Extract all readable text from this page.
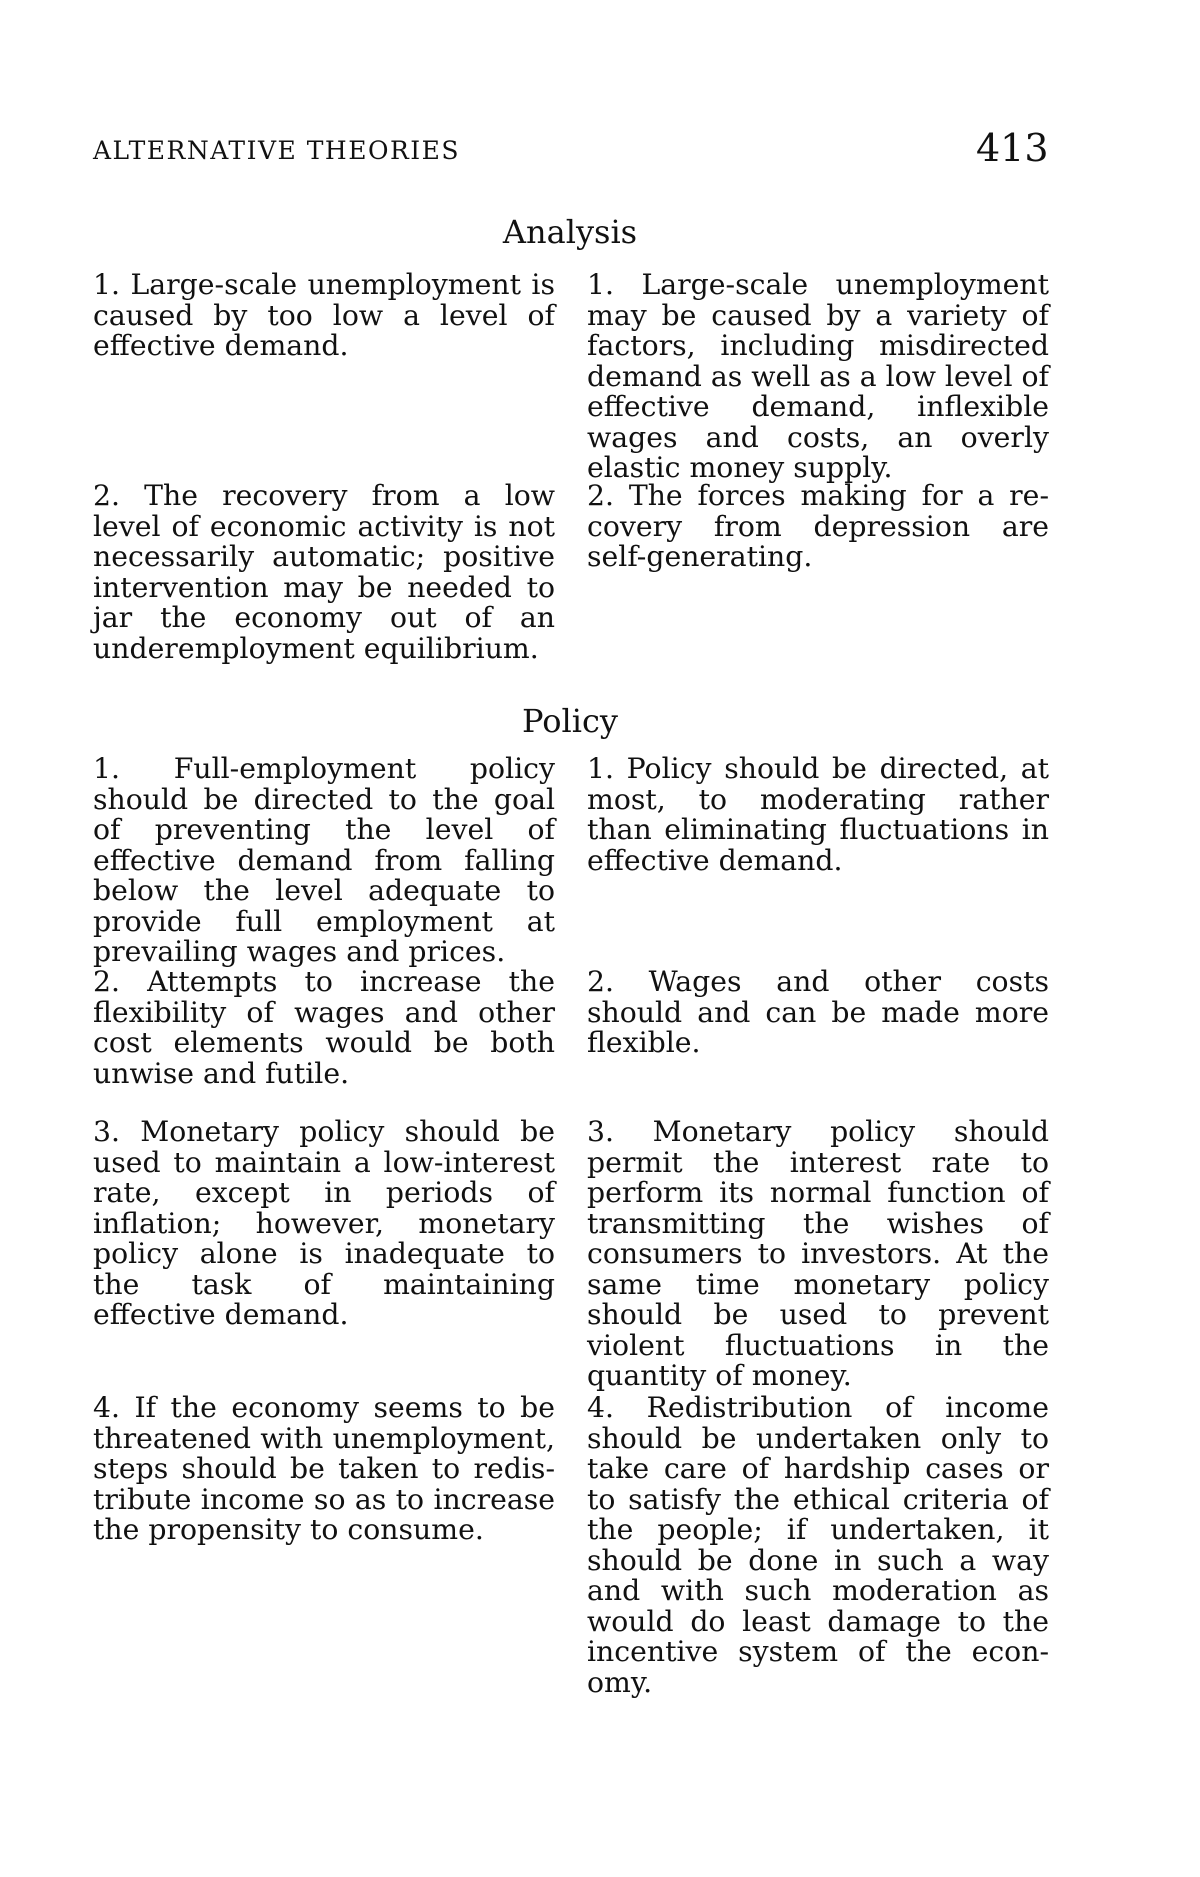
ALTERNATIVE THEORIES	413
Analysis
1. Large-scale unemployment is caused by too low a level of effective demand.
1. Large-scale unemployment may be caused by a variety of factors, including misdirected demand as well as a low level of effective demand, inflexible wages and costs, an overly elastic money supply.
2. The recovery from a low level of economic activity is not necessarily automatic; positive intervention may be needed to jar the economy out of an underemployment equilibrium.
2. The forces making for a recovery from depression are self-generating.
Policy
1. Full-employment policy should be directed to the goal of preventing the level of effective demand from falling below the level adequate to provide full employment at prevailing wages and prices.
1. Policy should be directed, at most, to moderating rather than eliminating fluctuations in effective demand.
2. Attempts to increase the flexibility of wages and other cost elements would be both unwise and futile.
2. Wages and other costs should and can be made more flexible.
3. Monetary policy should be used to maintain a low-interest rate, except in periods of inflation; however, monetary policy alone is inadequate to the task of maintaining effective demand.
3. Monetary policy should permit the interest rate to perform its normal function of transmitting the wishes of consumers to investors. At the same time monetary policy should be used to prevent violent fluctuations in the quantity of money.
4. If the economy seems to be threatened with unemployment, steps should be taken to redistribute income so as to increase the propensity to consume.
4. Redistribution of income should be undertaken only to take care of hardship cases or to satisfy the ethical criteria of the people; if undertaken, it should be done in such a way and with such moderation as would do least damage to the incentive system of the economy.
